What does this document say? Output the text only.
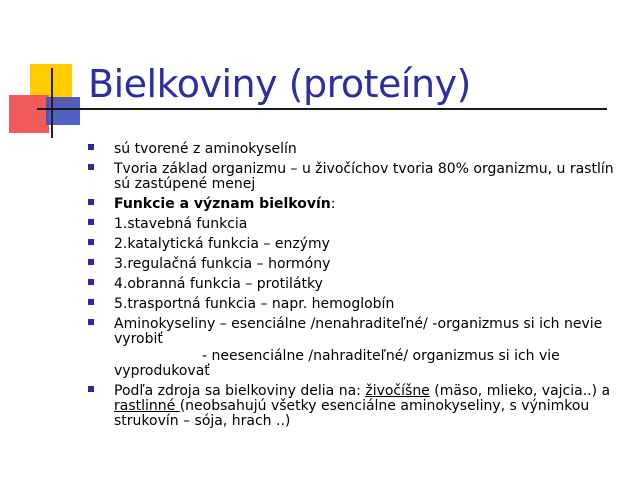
Bielkoviny (proteíny)
sú tvorené z aminokyselín
Tvoria základ organizmu – u živočíchov tvoria 80% organizmu, u rastlín sú zastúpené menej
Funkcie a význam bielkovín:
1.stavebná funkcia
2.katalytická funkcia – enzýmy
3.regulačná funkcia – hormóny
4.obranná funkcia – protilátky
5.trasportná funkcia – napr. hemoglobín
Aminokyseliny – esenciálne /nenahraditeľné/ -organizmus si ich nevie vyrobiť
- neesenciálne /nahraditeľné/ organizmus si ich vie
vyprodukovať
Podľa zdroja sa bielkoviny delia na: živočíšne (mäso, mlieko, vajcia..) a rastlinné (neobsahujú všetky esenciálne aminokyseliny, s výnimkou strukovín – sója, hrach ..)
